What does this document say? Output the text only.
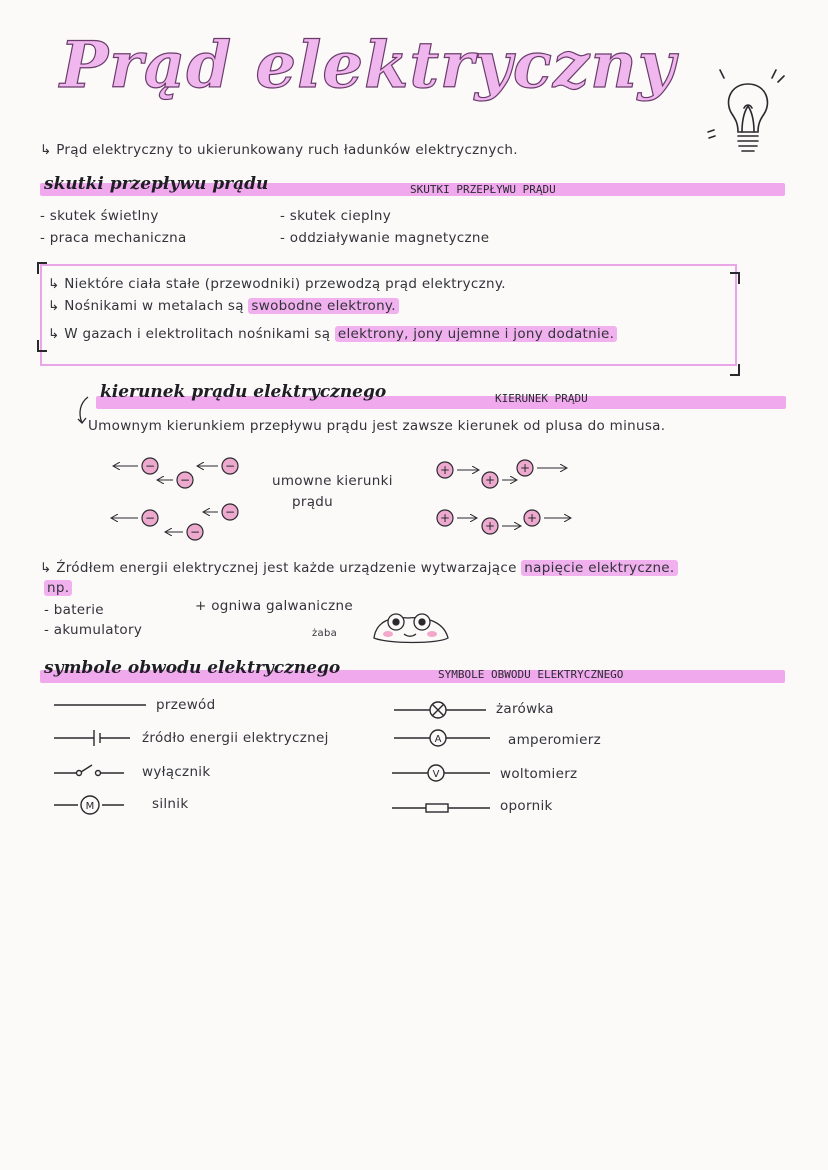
Prąd elektryczny
↳ Prąd elektryczny to ukierunkowany ruch ładunków elektrycznych.
skutki przepływu prądu	SKUTKI PRZEPŁYWU PRĄDU
- skutek świetlny
- praca mechaniczna
- skutek cieplny
- oddziaływanie magnetyczne
↳ Niektóre ciała stałe (przewodniki) przewodzą prąd elektryczny.
↳ Nośnikami w metalach są swobodne elektrony.
↳ W gazach i elektrolitach nośnikami są elektrony, jony ujemne i jony dodatnie.
kierunek prądu elektrycznego	KIERUNEK PRĄDU
Umownym kierunkiem przepływu prądu jest zawsze kierunek od plusa do minusa.
−
−
−
−
−
−
+
+
+
+
+
+
umowne kierunki
prądu
↳ Źródłem energii elektrycznej jest każde urządzenie wytwarzające napięcie elektryczne.
np.
- baterie
- akumulatory
+ ogniwa galwaniczne
żaba
symbole obwodu elektrycznego	SYMBOLE OBWODU ELEKTRYCZNEGO
M
przewód
źródło energii elektrycznej
wyłącznik
silnik
A
V
żarówka
amperomierz
woltomierz
opornik
